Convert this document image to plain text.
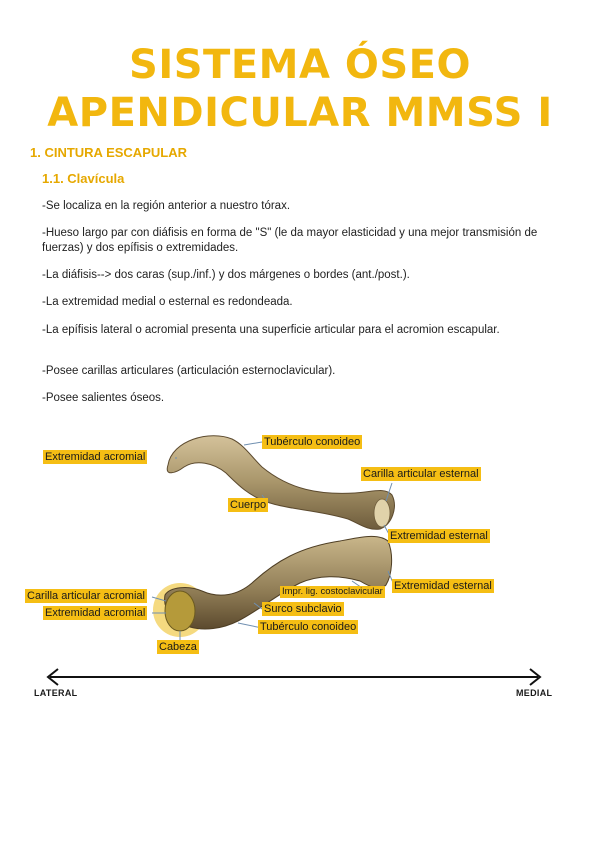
SISTEMA ÓSEO
APENDICULAR MMSS I
1. CINTURA ESCAPULAR
1.1. Clavícula
-Se localiza en la región anterior a nuestro tórax.
-Hueso largo par con diáfisis en forma de "S" (le da mayor elasticidad y una mejor transmisión de fuerzas) y dos epífisis o extremidades.
-La diáfisis--> dos caras (sup./inf.) y dos márgenes o bordes (ant./post.).
-La extremidad medial o esternal es redondeada.
-La epífisis lateral o acromial presenta una superficie articular para el acromion escapular.
-Posee carillas articulares (articulación esternoclavicular).
-Posee salientes óseos.
Extremidad acromial
Tubérculo conoideo
Carilla articular esternal
Cuerpo
Extremidad esternal
Impr. lig. costoclavicular Extremidad esternal
Carilla articular acromial
Surco subclavio
Extremidad acromial
Tubérculo conoideo
Cabeza
LATERAL	MEDIAL
